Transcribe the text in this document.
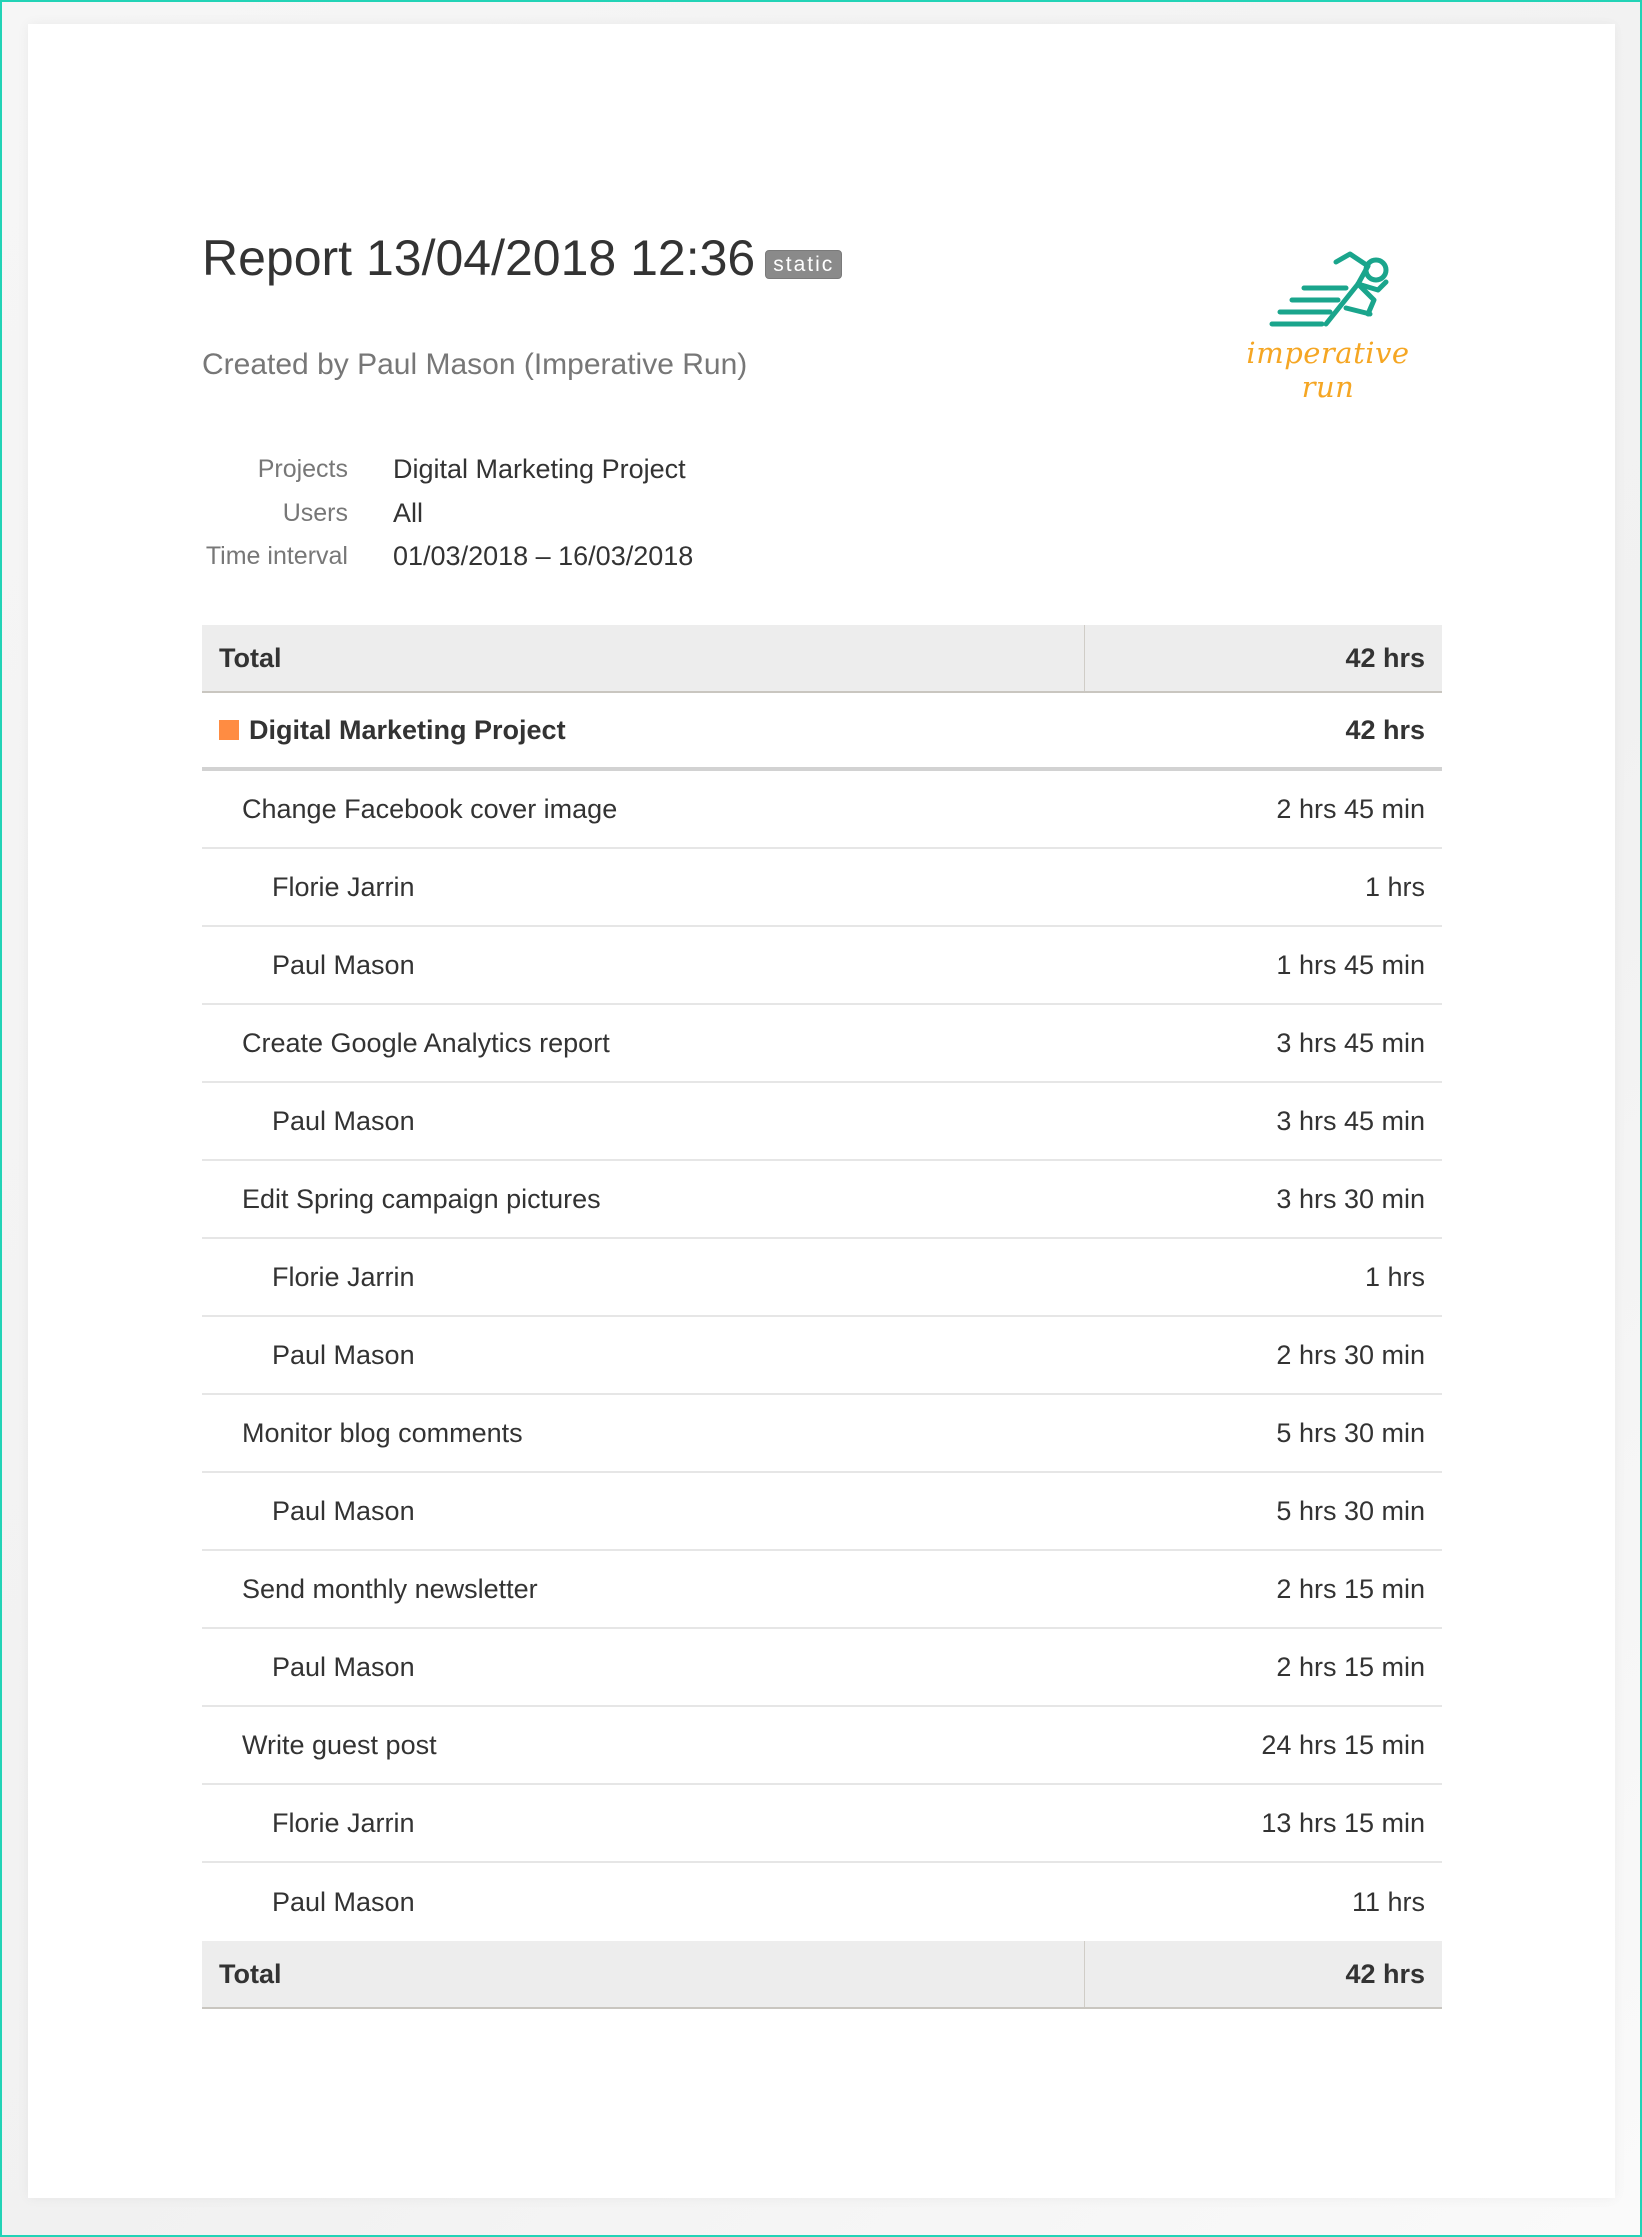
Report 13/04/2018 12:36 static
Created by Paul Mason (Imperative Run)	imperative run
Projects Digital Marketing Project
Users All
Time interval 01/03/2018 – 16/03/2018
Total	42 hrs
Digital Marketing Project	42 hrs
Change Facebook cover image	2 hrs 45 min
Florie Jarrin	1 hrs
Paul Mason	1 hrs 45 min
Create Google Analytics report	3 hrs 45 min
Paul Mason	3 hrs 45 min
Edit Spring campaign pictures	3 hrs 30 min
Florie Jarrin	1 hrs
Paul Mason	2 hrs 30 min
Monitor blog comments	5 hrs 30 min
Paul Mason	5 hrs 30 min
Send monthly newsletter	2 hrs 15 min
Paul Mason	2 hrs 15 min
Write guest post	24 hrs 15 min
Florie Jarrin	13 hrs 15 min
Paul Mason	11 hrs
Total	42 hrs
